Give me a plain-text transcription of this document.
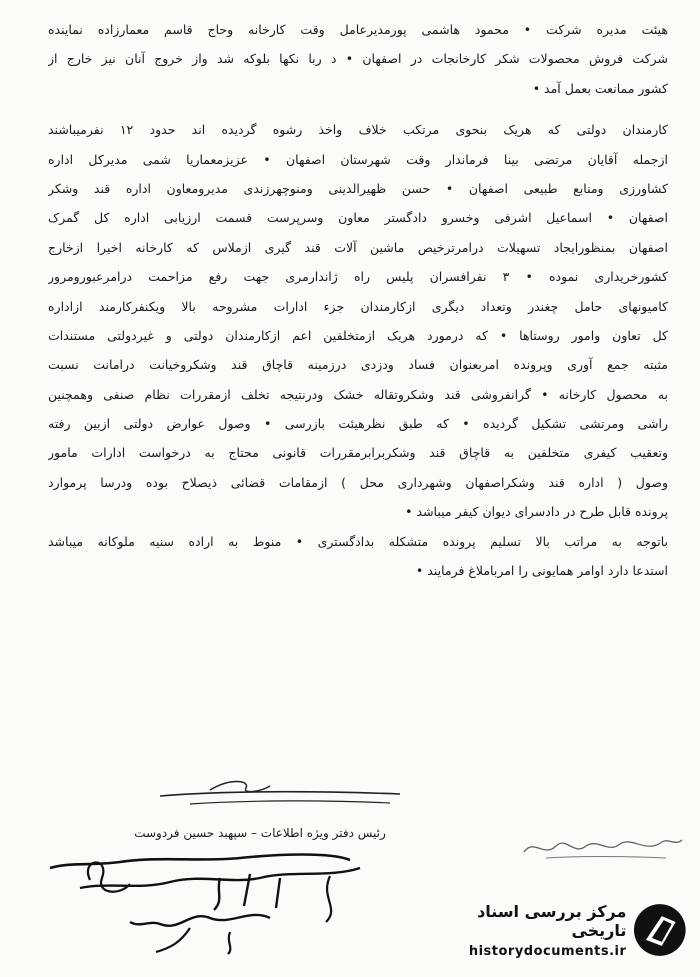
هیئت مدیره شرکت • محمود هاشمی پورمدیرعامل وقت کارخانه وحاج قاسم معمارزاده نماینده
شرکت فروش محصولات شکر کارخانجات در اصفهان • د ربا نکها بلوکه شد واز خروج آنان نیز خارج از
کشور ممانعت بعمل آمد •
کارمندان دولتی که هریک بنحوی مرتکب خلاف واخذ رشوه گردیده اند حدود ١٢ نفرمیباشند
ازجمله آقایان مرتضی بینا فرماندار وقت شهرستان اصفهان • عزیزمعماریا شمی مدیرکل اداره
کشاورزی ومنابع طبیعی اصفهان • حسن ظهیرالدینی ومنوچهرزندی مدیرومعاون اداره قند وشکر
اصفهان • اسماعیل اشرفی وخسرو دادگستر معاون وسرپرست قسمت ارزیابی اداره کل گمرک
اصفهان بمنظورایجاد تسهیلات درامرترخیص ماشین آلات قند گیری ازملاس که کارخانه اخیرا ازخارج
کشورخریداری نموده • ٣ نفرافسران پلیس راه ژاندارمری جهت رفع مزاحمت درامرعبورومرور
کامیونهای حامل چغندر وتعداد دیگری ازکارمندان جزء ادارات مشروحه بالا ویکنفرکارمند ازاداره
کل تعاون وامور روستاها • که درمورد هریک ازمتخلفین اعم ازکارمندان دولتی و غیردولتی مستندات
مثبته جمع آوری وپرونده امربعنوان فساد ودزدی درزمینه قاچاق قند وشکروخیانت درامانت نسبت
به محصول کارخانه • گرانفروشی قند وشکروتقاله خشک ودرنتیجه تخلف ازمقررات نظام صنفی وهمچنین
راشی ومرتشی تشکیل گردیده • که طبق نظرهیئت بازرسی • وصول عوارض دولتی ازبین رفته
وتعقیب کیفری متخلفین به قاچاق قند وشکربرابرمقررات قانونی محتاج به درخواست ادارات مامور
وصول ( اداره قند وشکراصفهان وشهرداری محل ) ازمقامات قضائی ذیصلاح بوده ودرسا پرموارد
پرونده قابل طرح در دادسرای دیوان کیفر میباشد •
باتوجه به مراتب بالا تسلیم پرونده متشکله بدادگستری • منوط به اراده سنیه ملوکانه میباشد
استدعا دارد اوامر همایونی را امرباملاغ فرمایند •
رئیس دفتر ویژه اطلاعات – سپهبد حسین فردوست
مرکز بررسی اسناد تاریخی
historydocuments.ir
